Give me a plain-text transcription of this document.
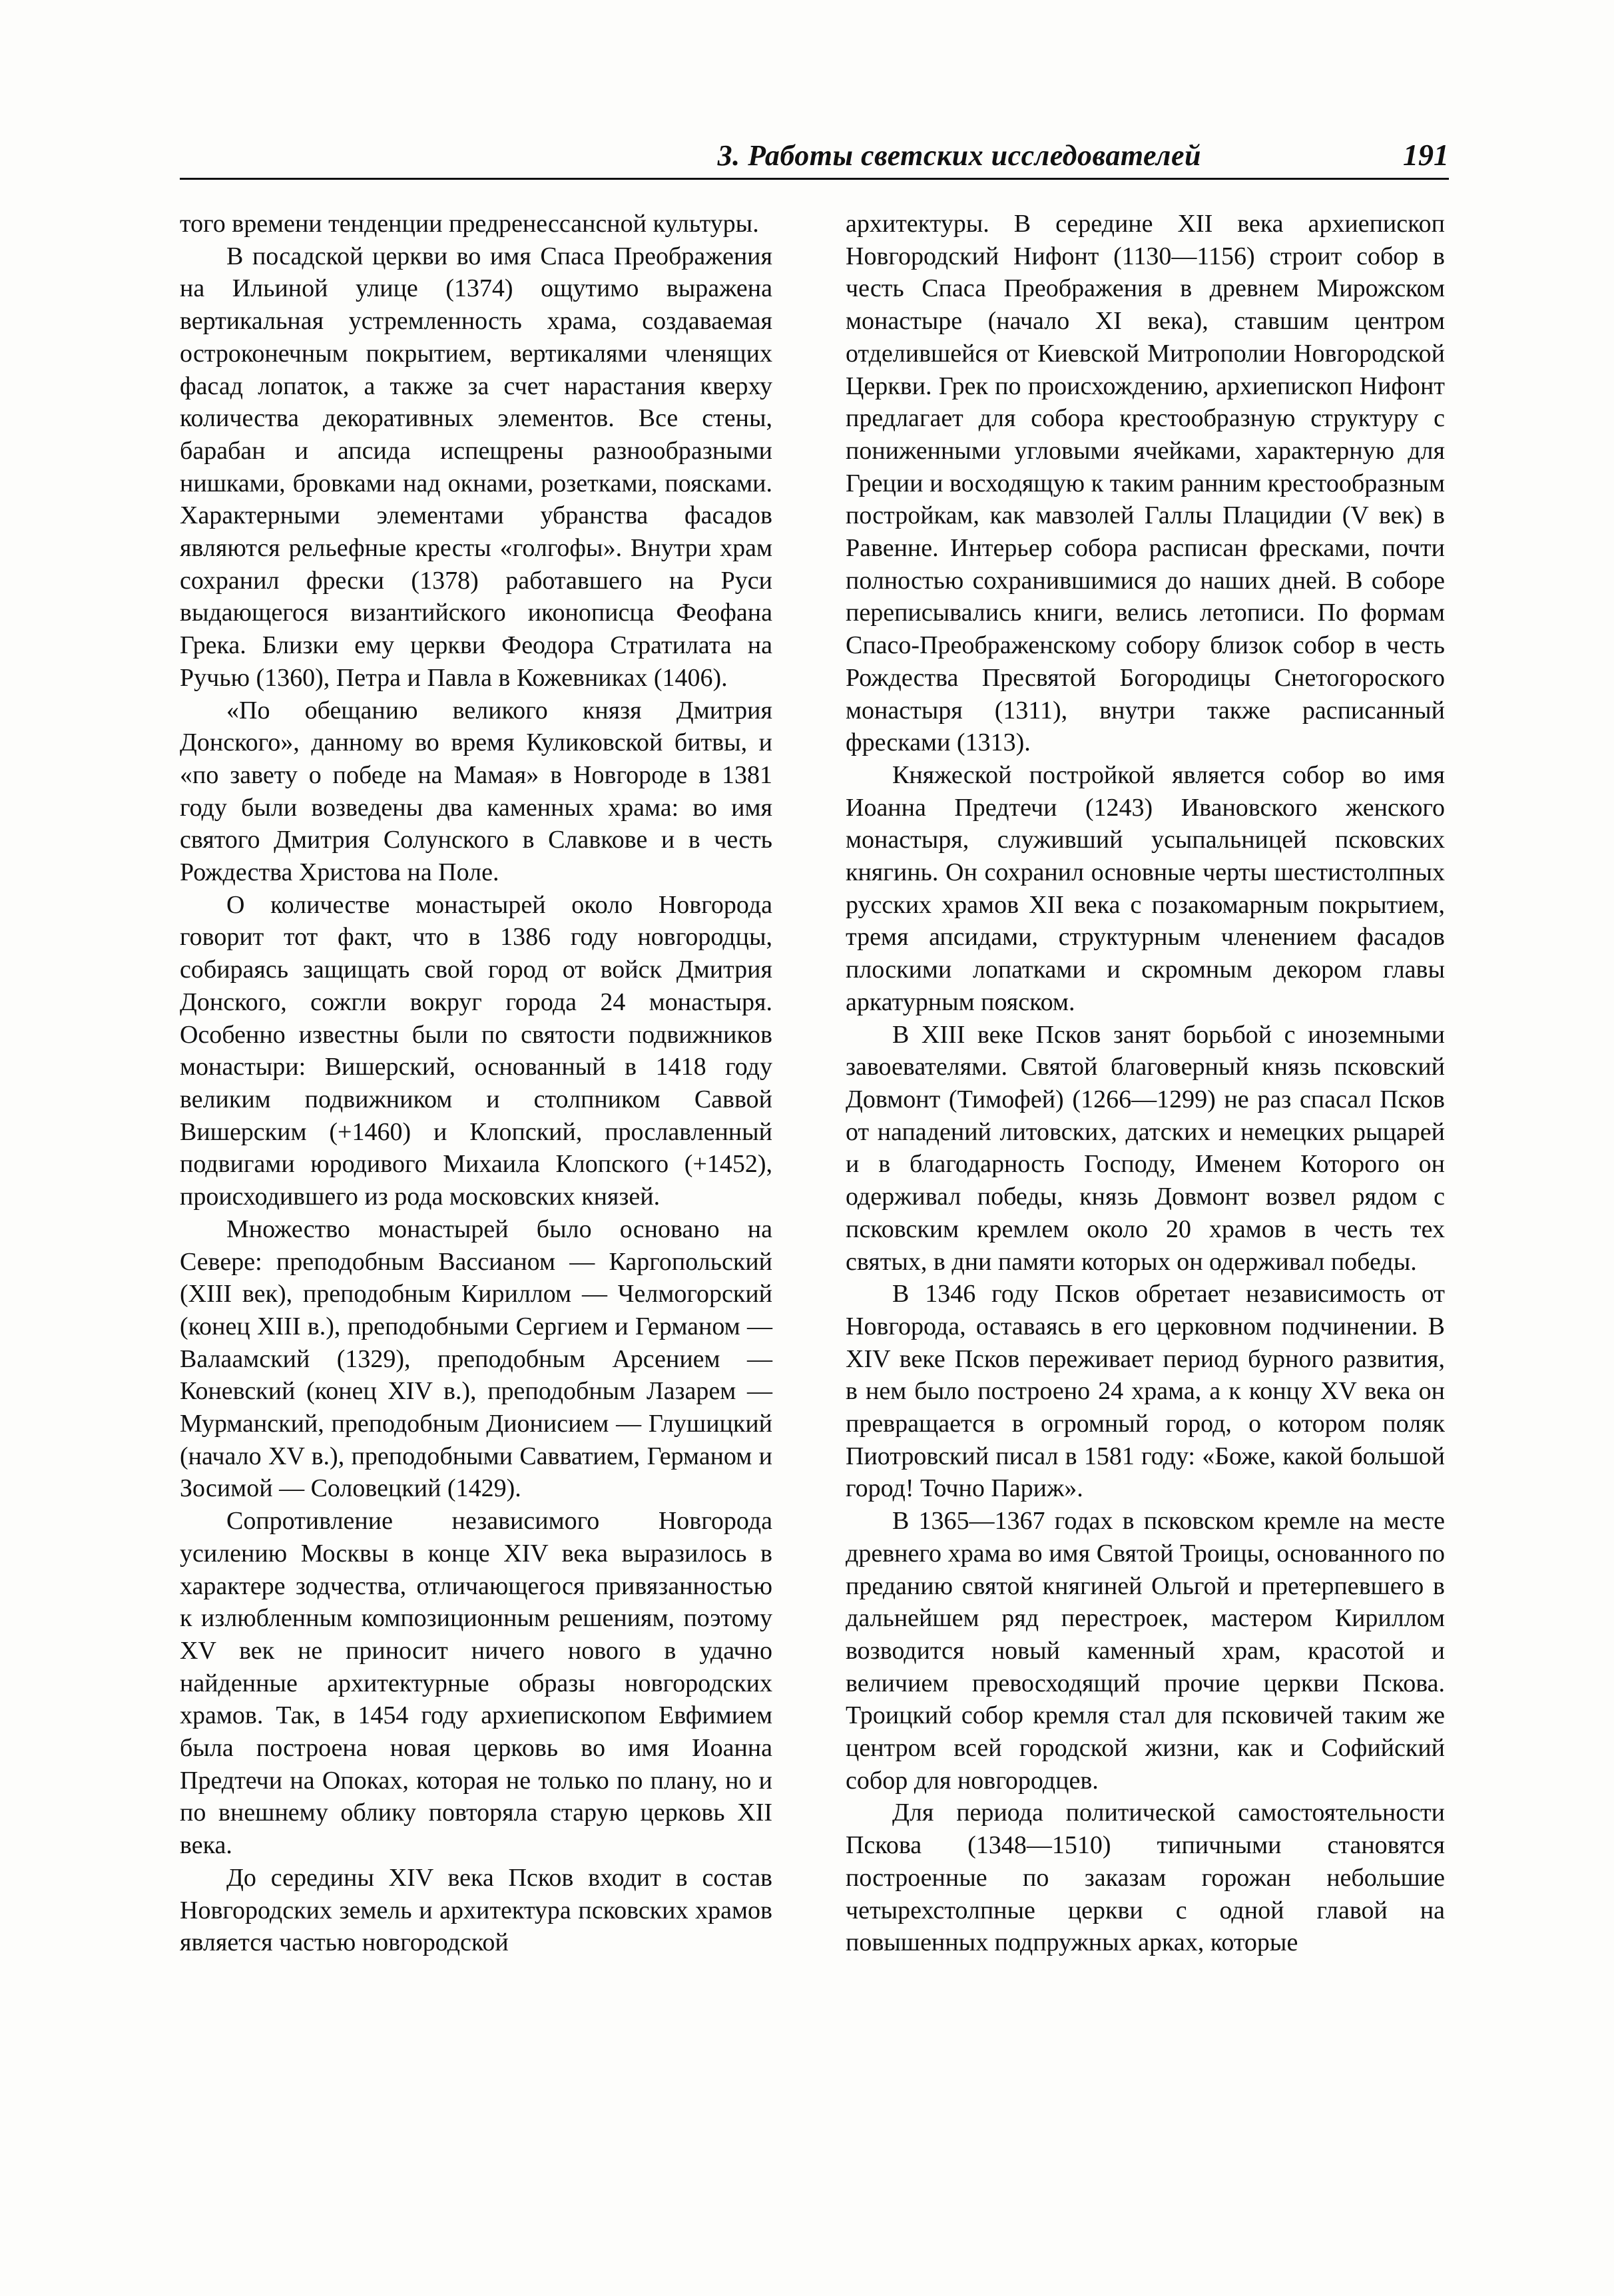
3. Работы светских исследователей	191

того времени тенденции предренессансной культуры.

В посадской церкви во имя Спаса Преображения на Ильиной улице (1374) ощутимо выражена вертикальная устремленность храма, создаваемая остроконечным покрытием, вертикалями членящих фасад лопаток, а также за счет нарастания кверху количества декоративных элементов. Все стены, барабан и апсида испещрены разнообразными нишками, бровками над окнами, розетками, поясками. Характерными элементами убранства фасадов являются рельефные кресты «голгофы». Внутри храм сохранил фрески (1378) работавшего на Руси выдающегося византийского иконописца Феофана Грека. Близки ему церкви Феодора Стратилата на Ручью (1360), Петра и Павла в Кожевниках (1406).

«По обещанию великого князя Дмитрия Донского», данному во время Куликовской битвы, и «по завету о победе на Мамая» в Новгороде в 1381 году были возведены два каменных храма: во имя святого Дмитрия Солунского в Славкове и в честь Рождества Христова на Поле.

О количестве монастырей около Новгорода говорит тот факт, что в 1386 году новгородцы, собираясь защищать свой город от войск Дмитрия Донского, сожгли вокруг города 24 монастыря. Особенно известны были по святости подвижников монастыри: Вишерский, основанный в 1418 году великим подвижником и столпником Саввой Вишерским (+1460) и Клопский, прославленный подвигами юродивого Михаила Клопского (+1452), происходившего из рода московских князей.

Множество монастырей было основано на Севере: преподобным Вассианом — Каргопольский (XIII век), преподобным Кириллом — Челмогорский (конец XIII в.), преподобными Сергием и Германом — Валаамский (1329), преподобным Арсением — Коневский (конец XIV в.), преподобным Лазарем — Мурманский, преподобным Дионисием — Глушицкий (начало XV в.), преподобными Савватием, Германом и Зосимой — Соловецкий (1429).

Сопротивление независимого Новгорода усилению Москвы в конце XIV века выразилось в характере зодчества, отличающегося привязанностью к излюбленным композиционным решениям, поэтому XV век не приносит ничего нового в удачно найденные архитектурные образы новгородских храмов. Так, в 1454 году архиепископом Евфимием была построена новая церковь во имя Иоанна Предтечи на Опоках, которая не только по плану, но и по внешнему облику повторяла старую церковь XII века.

До середины XIV века Псков входит в состав Новгородских земель и архитектура псковских храмов является частью новгородской

архитектуры. В середине XII века архиепископ Новгородский Нифонт (1130—1156) строит собор в честь Спаса Преображения в древнем Мирожском монастыре (начало XI века), ставшим центром отделившейся от Киевской Митрополии Новгородской Церкви. Грек по происхождению, архиепископ Нифонт предлагает для собора крестообразную структуру с пониженными угловыми ячейками, характерную для Греции и восходящую к таким ранним крестообразным постройкам, как мавзолей Галлы Плацидии (V век) в Равенне. Интерьер собора расписан фресками, почти полностью сохранившимися до наших дней. В соборе переписывались книги, велись летописи. По формам Спасо-Преображенскому собору близок собор в честь Рождества Пресвятой Богородицы Снетогороского монастыря (1311), внутри также расписанный фресками (1313).

Княжеской постройкой является собор во имя Иоанна Предтечи (1243) Ивановского женского монастыря, служивший усыпальницей псковских княгинь. Он сохранил основные черты шестистолпных русских храмов XII века с позакомарным покрытием, тремя апсидами, структурным членением фасадов плоскими лопатками и скромным декором главы аркатурным пояском.

В XIII веке Псков занят борьбой с иноземными завоевателями. Святой благоверный князь псковский Довмонт (Тимофей) (1266—1299) не раз спасал Псков от нападений литовских, датских и немецких рыцарей и в благодарность Господу, Именем Которого он одерживал победы, князь Довмонт возвел рядом с псковским кремлем около 20 храмов в честь тех святых, в дни памяти которых он одерживал победы.

В 1346 году Псков обретает независимость от Новгорода, оставаясь в его церковном подчинении. В XIV веке Псков переживает период бурного развития, в нем было построено 24 храма, а к концу XV века он превращается в огромный город, о котором поляк Пиотровский писал в 1581 году: «Боже, какой большой город! Точно Париж».

В 1365—1367 годах в псковском кремле на месте древнего храма во имя Святой Троицы, основанного по преданию святой княгиней Ольгой и претерпевшего в дальнейшем ряд перестроек, мастером Кириллом возводится новый каменный храм, красотой и величием превосходящий прочие церкви Пскова. Троицкий собор кремля стал для псковичей таким же центром всей городской жизни, как и Софийский собор для новгородцев.

Для периода политической самостоятельности Пскова (1348—1510) типичными становятся построенные по заказам горожан небольшие четырехстолпные церкви с одной главой на повышенных подпружных арках, которые
